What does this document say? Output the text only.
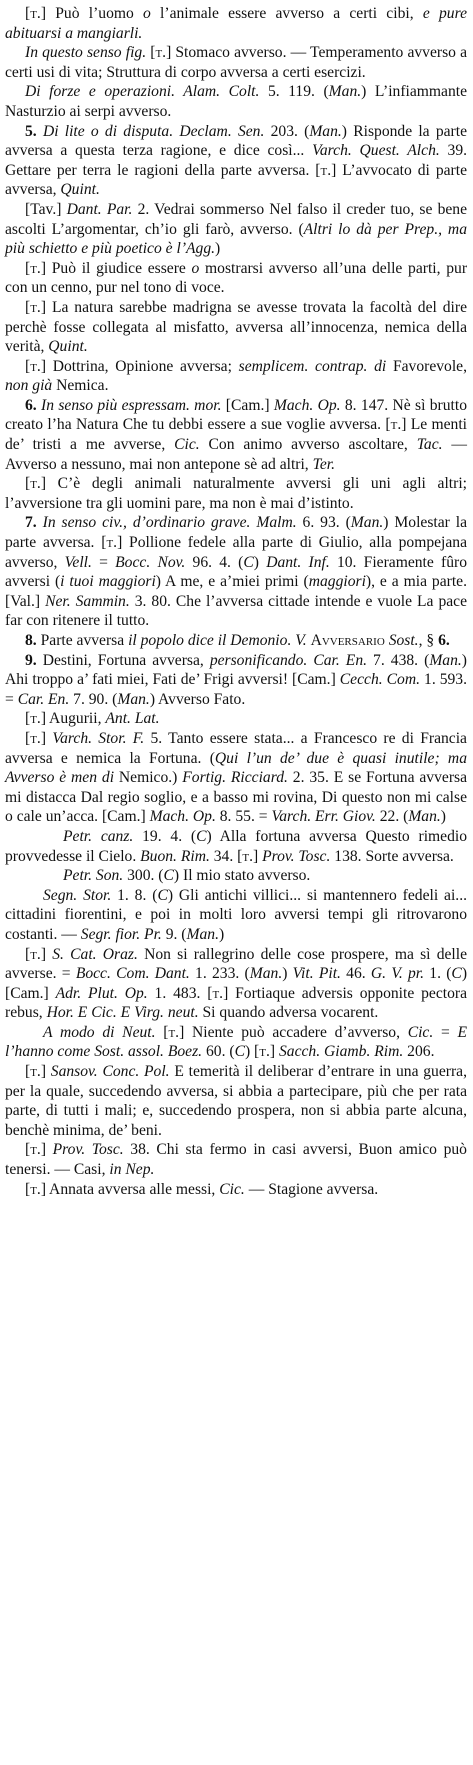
[t.] Può l’uomo o l’animale essere avverso a certi cibi, e pure abituarsi a mangiarli.

In questo senso fig. [t.] Stomaco avverso. — Temperamento avverso a certi usi di vita; Struttura di corpo avversa a certi esercizi.

Di forze e operazioni. Alam. Colt. 5. 119. (Man.) L’infiammante Nasturzio ai serpi avverso.

5. Di lite o di disputa. Declam. Sen. 203. (Man.) Risponde la parte avversa a questa terza ragione, e dice così... Varch. Quest. Alch. 39. Gettare per terra le ragioni della parte avversa. [t.] L’avvocato di parte avversa, Quint.

[Tav.] Dant. Par. 2. Vedrai sommerso Nel falso il creder tuo, se bene ascolti L’argomentar, ch’io gli farò, avverso. (Altri lo dà per Prep., ma più schietto e più poetico è l’Agg.)

[t.] Può il giudice essere o mostrarsi avverso all’una delle parti, pur con un cenno, pur nel tono di voce.

[t.] La natura sarebbe madrigna se avesse trovata la facoltà del dire perchè fosse collegata al misfatto, avversa all’innocenza, nemica della verità, Quint.

[t.] Dottrina, Opinione avversa; semplicem. contrap. di Favorevole, non già Nemica.

6. In senso più espressam. mor. [Cam.] Mach. Op. 8. 147. Nè sì brutto creato l’ha Natura Che tu debbi essere a sue voglie avversa. [t.] Le menti de’ tristi a me avverse, Cic. Con animo avverso ascoltare, Tac. — Avverso a nessuno, mai non antepone sè ad altri, Ter.

[t.] C’è degli animali naturalmente avversi gli uni agli altri; l’avversione tra gli uomini pare, ma non è mai d’istinto.

7. In senso civ., d’ordinario grave. Malm. 6. 93. (Man.) Molestar la parte avversa. [t.] Pollione fedele alla parte di Giulio, alla pompejana avverso, Vell. = Bocc. Nov. 96. 4. (C) Dant. Inf. 10. Fieramente fûro avversi (i tuoi maggiori) A me, e a’miei primi (maggiori), e a mia parte. [Val.] Ner. Sammin. 3. 80. Che l’avversa cittade intende e vuole La pace far con ritenere il tutto.

8. Parte avversa il popolo dice il Demonio. V. Avversario Sost., § 6.

9. Destini, Fortuna avversa, personificando. Car. En. 7. 438. (Man.) Ahi troppo a’ fati miei, Fati de’ Frigi avversi! [Cam.] Cecch. Com. 1. 593. = Car. En. 7. 90. (Man.) Avverso Fato.

[t.] Augurii, Ant. Lat.

[t.] Varch. Stor. F. 5. Tanto essere stata... a Francesco re di Francia avversa e nemica la Fortuna. (Qui l’un de’ due è quasi inutile; ma Avverso è men di Nemico.) Fortig. Ricciard. 2. 35. E se Fortuna avversa mi distacca Dal regio soglio, e a basso mi rovina, Di questo non mi calse o cale un’acca. [Cam.] Mach. Op. 8. 55. = Varch. Err. Giov. 22. (Man.)

Petr. canz. 19. 4. (C) Alla fortuna avversa Questo rimedio provvedesse il Cielo. Buon. Rim. 34. [t.] Prov. Tosc. 138. Sorte avversa.

Petr. Son. 300. (C) Il mio stato avverso.

Segn. Stor. 1. 8. (C) Gli antichi villici... si mantennero fedeli ai... cittadini fiorentini, e poi in molti loro avversi tempi gli ritrovarono costanti. — Segr. fior. Pr. 9. (Man.)

[t.] S. Cat. Oraz. Non si rallegrino delle cose prospere, ma sì delle avverse. = Bocc. Com. Dant. 1. 233. (Man.) Vit. Pit. 46. G. V. pr. 1. (C) [Cam.] Adr. Plut. Op. 1. 483. [t.] Fortiaque adversis opponite pectora rebus, Hor. E Cic. E Virg. neut. Si quando adversa vocarent.

A modo di Neut. [t.] Niente può accadere d’avverso, Cic. = E l’hanno come Sost. assol. Boez. 60. (C) [t.] Sacch. Giamb. Rim. 206.

[t.] Sansov. Conc. Pol. E temerità il deliberar d’entrare in una guerra, per la quale, succedendo avversa, si abbia a partecipare, più che per rata parte, di tutti i mali; e, succedendo prospera, non si abbia parte alcuna, benchè minima, de’ beni.

[t.] Prov. Tosc. 38. Chi sta fermo in casi avversi, Buon amico può tenersi. — Casi, in Nep.

[t.] Annata avversa alle messi, Cic. — Stagione avversa.
